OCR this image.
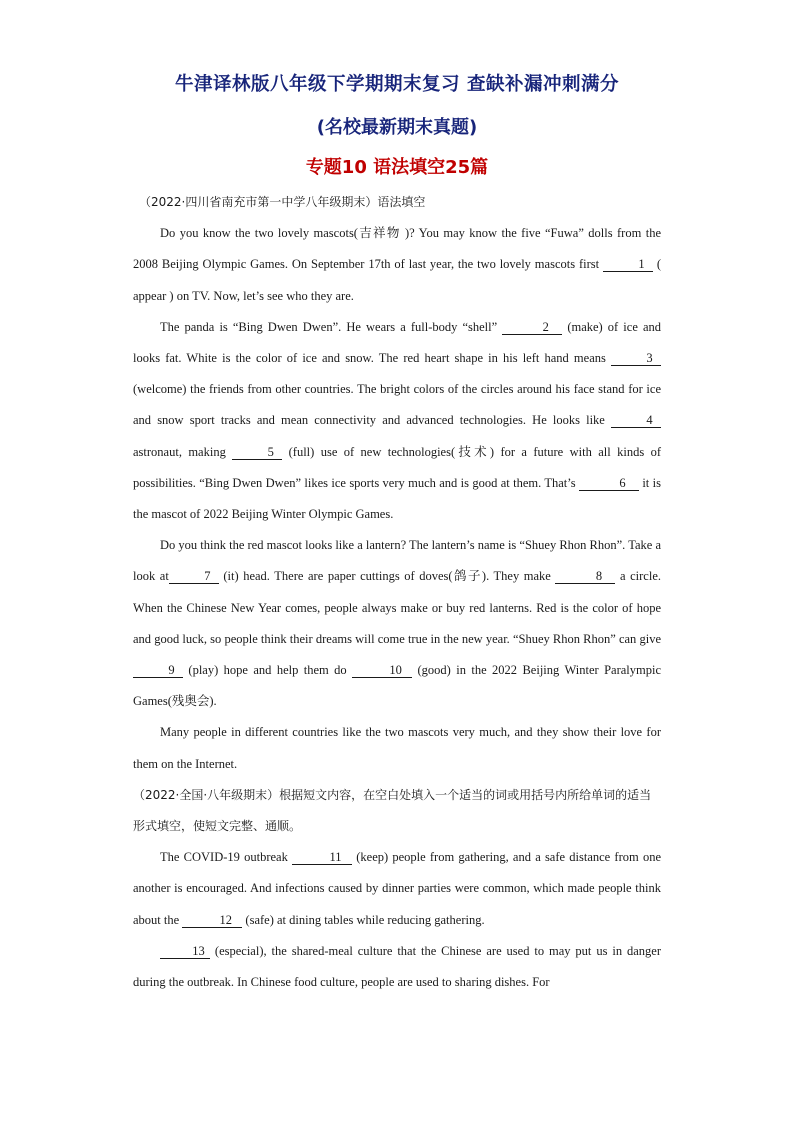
牛津译林版八年级下学期期末复习 查缺补漏冲刺满分
(名校最新期末真题)
专题10 语法填空25篇
（2022·四川省南充市第一中学八年级期末）语法填空

Do you know the two lovely mascots(吉祥物 )? You may know the five “Fuwa” dolls from the 2008 Beijing Olympic Games. On September 17th of last year, the two lovely mascots first	1 ( appear ) on TV. Now, let’s see who they are.

The panda is “Bing Dwen Dwen”. He wears a full-body “shell”	2 (make) of ice and looks fat. White is the color of ice and snow. The red heart shape in his left hand means	3 (welcome) the friends from other countries. The bright colors of the circles around his face stand for ice and snow sport tracks and mean connectivity and advanced technologies. He looks like	4 astronaut, making	5 (full) use of new technologies(技术) for a future with all kinds of possibilities. “Bing Dwen Dwen” likes ice sports very much and is good at them. That’s	6 it is the mascot of 2022 Beijing Winter Olympic Games.

Do you think the red mascot looks like a lantern? The lantern’s name is “Shuey Rhon Rhon”. Take a look at	7 (it) head. There are paper cuttings of doves(鸽子). They make	8 a circle. When the Chinese New Year comes, people always make or buy red lanterns. Red is the color of hope and good luck, so people think their dreams will come true in the new year. “Shuey Rhon Rhon” can give 9 (play) hope and help them do	10 (good) in the 2022 Beijing Winter Paralympic Games(残奥会).

Many people in different countries like the two mascots very much, and they show their love for them on the Internet.

（2022·全国·八年级期末）根据短文内容，在空白处填入一个适当的词或用括号内所给单词的适当形式填空，使短文完整、通顺。

The COVID-19 outbreak	11 (keep) people from gathering, and a safe distance from one another is encouraged. And infections caused by dinner parties were common, which made people think about the	12 (safe) at dining tables while reducing gathering.

13 (especial), the shared-meal culture that the Chinese are used to may put us in danger during the outbreak. In Chinese food culture, people are used to sharing dishes. For
